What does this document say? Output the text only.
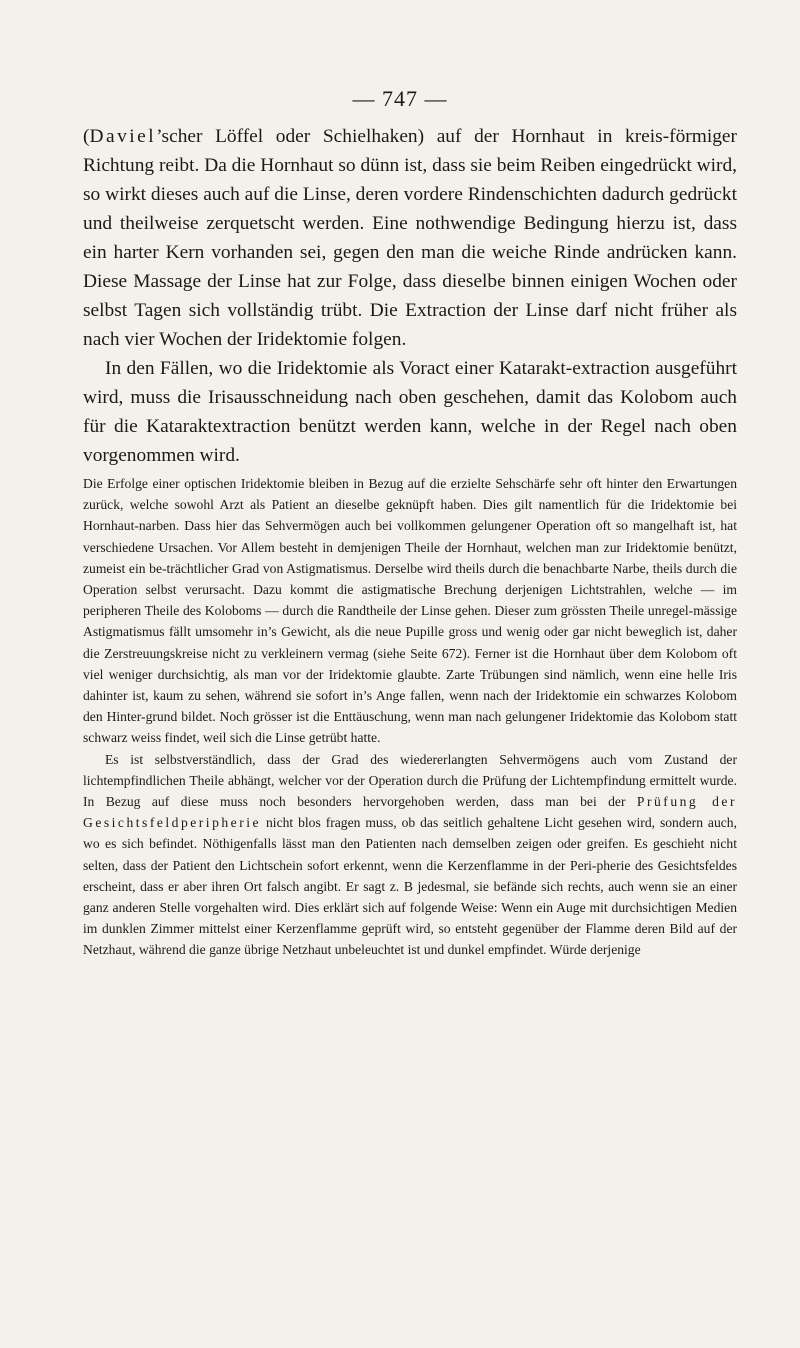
— 747 —

(Daviel’scher Löffel oder Schielhaken) auf der Hornhaut in kreis-förmiger Richtung reibt. Da die Hornhaut so dünn ist, dass sie beim Reiben eingedrückt wird, so wirkt dieses auch auf die Linse, deren vordere Rindenschichten dadurch gedrückt und theilweise zerquetscht werden. Eine nothwendige Bedingung hierzu ist, dass ein harter Kern vorhanden sei, gegen den man die weiche Rinde andrücken kann. Diese Massage der Linse hat zur Folge, dass dieselbe binnen einigen Wochen oder selbst Tagen sich vollständig trübt. Die Extraction der Linse darf nicht früher als nach vier Wochen der Iridektomie folgen.

In den Fällen, wo die Iridektomie als Voract einer Katarakt-extraction ausgeführt wird, muss die Irisausschneidung nach oben geschehen, damit das Kolobom auch für die Kataraktextraction benützt werden kann, welche in der Regel nach oben vorgenommen wird.

Die Erfolge einer optischen Iridektomie bleiben in Bezug auf die erzielte Sehschärfe sehr oft hinter den Erwartungen zurück, welche sowohl Arzt als Patient an dieselbe geknüpft haben. Dies gilt namentlich für die Iridektomie bei Hornhaut-narben. Dass hier das Sehvermögen auch bei vollkommen gelungener Operation oft so mangelhaft ist, hat verschiedene Ursachen. Vor Allem besteht in demjenigen Theile der Hornhaut, welchen man zur Iridektomie benützt, zumeist ein be-trächtlicher Grad von Astigmatismus. Derselbe wird theils durch die benachbarte Narbe, theils durch die Operation selbst verursacht. Dazu kommt die astigmatische Brechung derjenigen Lichtstrahlen, welche — im peripheren Theile des Koloboms — durch die Randtheile der Linse gehen. Dieser zum grössten Theile unregel-mässige Astigmatismus fällt umsomehr in’s Gewicht, als die neue Pupille gross und wenig oder gar nicht beweglich ist, daher die Zerstreuungskreise nicht zu verkleinern vermag (siehe Seite 672). Ferner ist die Hornhaut über dem Kolobom oft viel weniger durchsichtig, als man vor der Iridektomie glaubte. Zarte Trübungen sind nämlich, wenn eine helle Iris dahinter ist, kaum zu sehen, während sie sofort in’s Ange fallen, wenn nach der Iridektomie ein schwarzes Kolobom den Hinter-grund bildet. Noch grösser ist die Enttäuschung, wenn man nach gelungener Iridektomie das Kolobom statt schwarz weiss findet, weil sich die Linse getrübt hatte.

Es ist selbstverständlich, dass der Grad des wiedererlangten Sehvermögens auch vom Zustand der lichtempfindlichen Theile abhängt, welcher vor der Operation durch die Prüfung der Lichtempfindung ermittelt wurde. In Bezug auf diese muss noch besonders hervorgehoben werden, dass man bei der Prüfung der Gesichtsfeldperipherie nicht blos fragen muss, ob das seitlich gehaltene Licht gesehen wird, sondern auch, wo es sich befindet. Nöthigenfalls lässt man den Patienten nach demselben zeigen oder greifen. Es geschieht nicht selten, dass der Patient den Lichtschein sofort erkennt, wenn die Kerzenflamme in der Peri-pherie des Gesichtsfeldes erscheint, dass er aber ihren Ort falsch angibt. Er sagt z. B jedesmal, sie befände sich rechts, auch wenn sie an einer ganz anderen Stelle vorgehalten wird. Dies erklärt sich auf folgende Weise: Wenn ein Auge mit durchsichtigen Medien im dunklen Zimmer mittelst einer Kerzenflamme geprüft wird, so entsteht gegenüber der Flamme deren Bild auf der Netzhaut, während die ganze übrige Netzhaut unbeleuchtet ist und dunkel empfindet. Würde derjenige
